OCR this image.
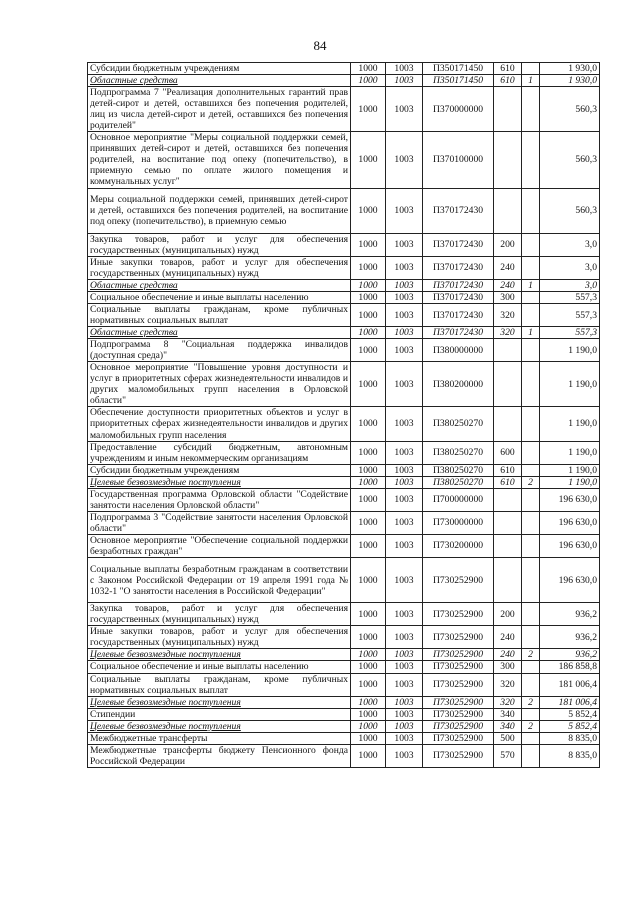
84
Субсидии бюджетным учреждениям	1000	1003	П350171450	610		1 930,0
Областные средства	1000	1003	П350171450	610	1	1 930,0
Подпрограмма 7 "Реализация дополнительных гарантий прав детей-сирот и детей, оставшихся без попечения родителей, лиц из числа детей-сирот и детей, оставшихся без попечения родителей"	1000	1003	П370000000			560,3
Основное мероприятие "Меры социальной поддержки семей, принявших детей-сирот и детей, оставшихся без попечения родителей, на воспитание под опеку (попечительство), в приемную семью по оплате жилого помещения и коммунальных услуг"	1000	1003	П370100000			560,3
Меры социальной поддержки семей, принявших детей-сирот и детей, оставшихся без попечения родителей, на воспитание под опеку (попечительство), в приемную семью	1000	1003	П370172430			560,3
Закупка товаров, работ и услуг для обеспечения государственных (муниципальных) нужд	1000	1003	П370172430	200		3,0
Иные закупки товаров, работ и услуг для обеспечения государственных (муниципальных) нужд	1000	1003	П370172430	240		3,0
Областные средства	1000	1003	П370172430	240	1	3,0
Социальное обеспечение и иные выплаты населению	1000	1003	П370172430	300		557,3
Социальные выплаты гражданам, кроме публичных нормативных социальных выплат	1000	1003	П370172430	320		557,3
Областные средства	1000	1003	П370172430	320	1	557,3
Подпрограмма 8 "Социальная поддержка инвалидов (доступная среда)"	1000	1003	П380000000			1 190,0
Основное мероприятие "Повышение уровня доступности и услуг в приоритетных сферах жизнедеятельности инвалидов и других маломобильных групп населения в Орловской области"	1000	1003	П380200000			1 190,0
Обеспечение доступности приоритетных объектов и услуг в приоритетных сферах жизнедеятельности инвалидов и других маломобильных групп населения	1000	1003	П380250270			1 190,0
Предоставление субсидий бюджетным, автономным учреждениям и иным некоммерческим организациям	1000	1003	П380250270	600		1 190,0
Субсидии бюджетным учреждениям	1000	1003	П380250270	610		1 190,0
Целевые безвозмездные поступления	1000	1003	П380250270	610	2	1 190,0
Государственная программа Орловской области "Содействие занятости населения Орловской области"	1000	1003	П700000000			196 630,0
Подпрограмма 3 "Содействие занятости населения Орловской области"	1000	1003	П730000000			196 630,0
Основное мероприятие "Обеспечение социальной поддержки безработных граждан"	1000	1003	П730200000			196 630,0
Социальные выплаты безработным гражданам в соответствии с Законом Российской Федерации от 19 апреля 1991 года № 1032-1 "О занятости населения в Российской Федерации"	1000	1003	П730252900			196 630,0
Закупка товаров, работ и услуг для обеспечения государственных (муниципальных) нужд	1000	1003	П730252900	200		936,2
Иные закупки товаров, работ и услуг для обеспечения государственных (муниципальных) нужд	1000	1003	П730252900	240		936,2
Целевые безвозмездные поступления	1000	1003	П730252900	240	2	936,2
Социальное обеспечение и иные выплаты населению	1000	1003	П730252900	300		186 858,8
Социальные выплаты гражданам, кроме публичных нормативных социальных выплат	1000	1003	П730252900	320		181 006,4
Целевые безвозмездные поступления	1000	1003	П730252900	320	2	181 006,4
Стипендии	1000	1003	П730252900	340		5 852,4
Целевые безвозмездные поступления	1000	1003	П730252900	340	2	5 852,4
Межбюджетные трансферты	1000	1003	П730252900	500		8 835,0
Межбюджетные трансферты бюджету Пенсионного фонда Российской Федерации	1000	1003	П730252900	570		8 835,0
